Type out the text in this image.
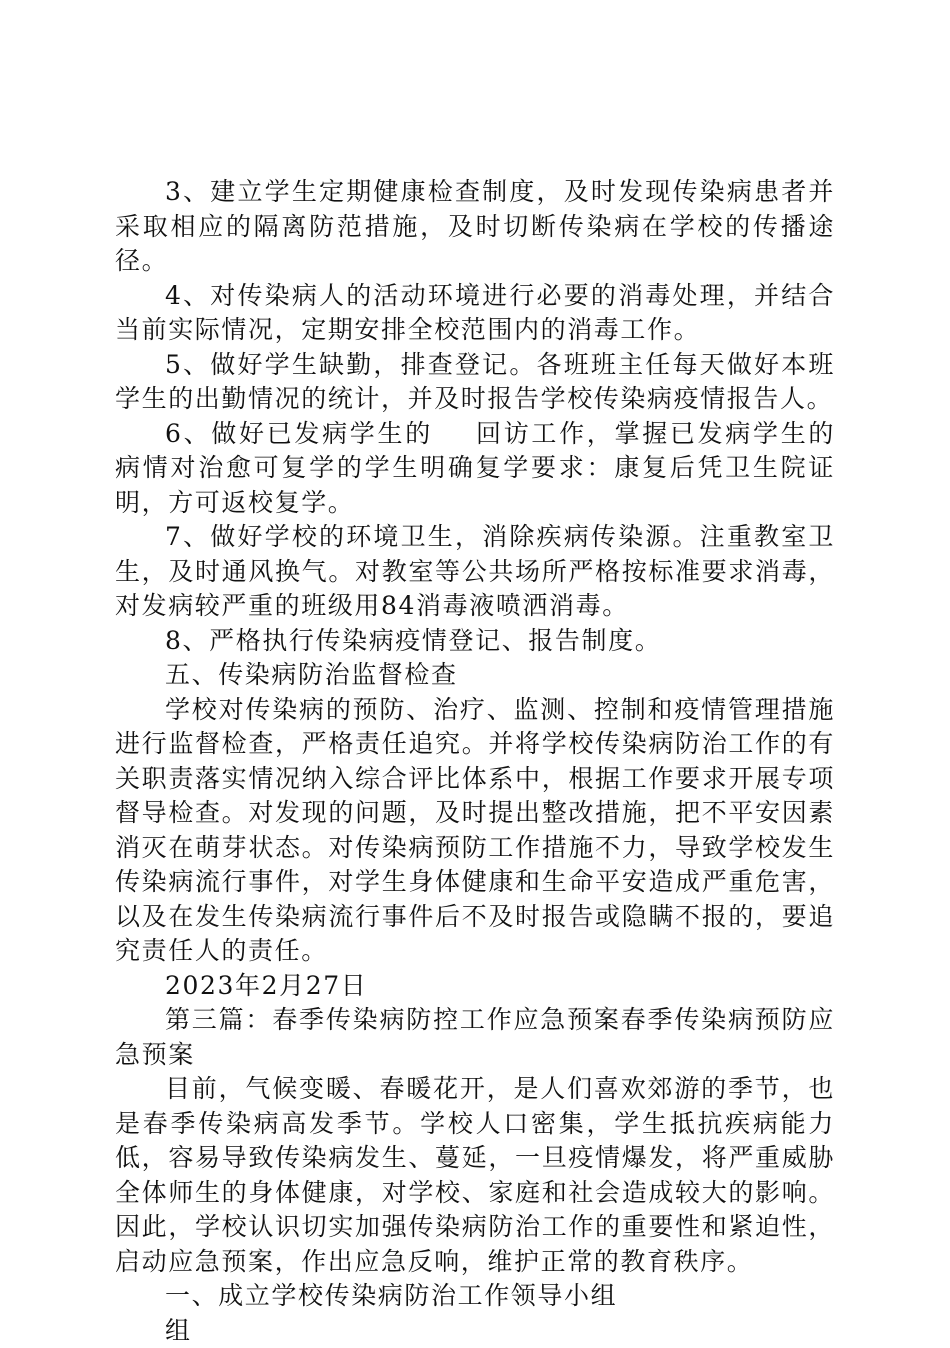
3、建立学生定期健康检查制度，及时发现传染病患者并采取相应的隔离防范措施，及时切断传染病在学校的传播途径。

4、对传染病人的活动环境进行必要的消毒处理，并结合当前实际情况，定期安排全校范围内的消毒工作。

5、做好学生缺勤，排查登记。各班班主任每天做好本班学生的出勤情况的统计，并及时报告学校传染病疫情报告人。

6、做好已发病学生的 回访工作，掌握已发病学生的病情对治愈可复学的学生明确复学要求：康复后凭卫生院证明，方可返校复学。

7、做好学校的环境卫生，消除疾病传染源。注重教室卫生，及时通风换气。对教室等公共场所严格按标准要求消毒，对发病较严重的班级用84消毒液喷洒消毒。

8、严格执行传染病疫情登记、报告制度。

五、传染病防治监督检查

学校对传染病的预防、治疗、监测、控制和疫情管理措施进行监督检查，严格责任追究。并将学校传染病防治工作的有关职责落实情况纳入综合评比体系中，根据工作要求开展专项督导检查。对发现的问题，及时提出整改措施，把不平安因素消灭在萌芽状态。对传染病预防工作措施不力，导致学校发生传染病流行事件，对学生身体健康和生命平安造成严重危害，以及在发生传染病流行事件后不及时报告或隐瞒不报的，要追究责任人的责任。

2023年2月27日

第三篇：春季传染病防控工作应急预案春季传染病预防应急预案

目前，气候变暖、春暖花开，是人们喜欢郊游的季节，也是春季传染病高发季节。学校人口密集，学生抵抗疾病能力低，容易导致传染病发生、蔓延，一旦疫情爆发，将严重威胁全体师生的身体健康，对学校、家庭和社会造成较大的影响。因此，学校认识切实加强传染病防治工作的重要性和紧迫性，启动应急预案，作出应急反响，维护正常的教育秩序。

一、成立学校传染病防治工作领导小组

组
